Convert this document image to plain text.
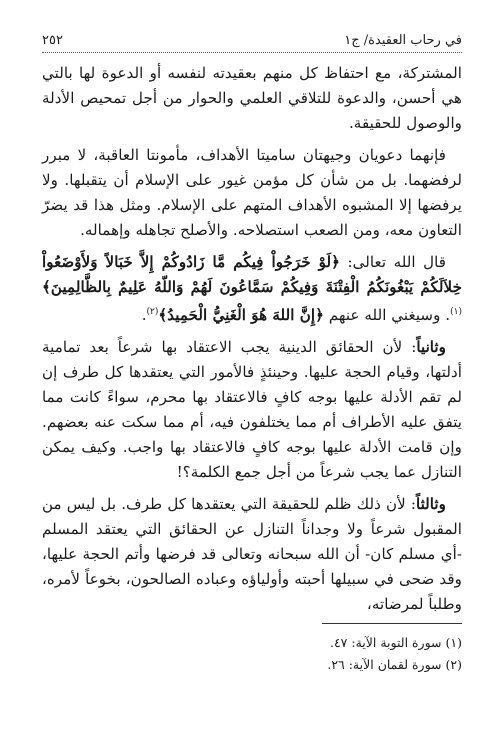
في رحاب العقيدة/ ج١
٢٥٢

المشتركة، مع احتفاظ كل منهم بعقيدته لنفسه أو الدعوة لها بالتي هي أحسن، والدعوة للتلاقي العلمي والحوار من أجل تمحيص الأدلة والوصول للحقيقة.

فإنهما دعويان وجيهتان ساميتا الأهداف، مأمونتا العاقبة، لا مبرر لرفضهما. بل من شأن كل مؤمن غيور على الإسلام أن يتقبلها. ولا يرفضها إلا المشبوه الأهداف المتهم على الإسلام. ومثل هذا قد يضرّ التعاون معه، ومن الصعب استصلاحه. والأصلح تجاهله وإهماله.

قال الله تعالى: ﴿لَوْ خَرَجُواْ فِيكُم مَّا زَادُوكُمْ إِلاَّ خَبَالاً وَلأَوْضَعُواْ خِلاَلَكُمْ يَبْغُونَكُمُ الْفِتْنَةَ وَفِيكُمْ سَمَّاعُونَ لَهُمْ وَاللّهُ عَلِيمٌ بِالظَّالِمِينَ﴾$^{(١)}$. وسيغني الله عنهم ﴿إِنَّ اللهَ هُوَ الْغَنِيُّ الْحَمِيدُ﴾$^{(٢)}$.

وثانياً: لأن الحقائق الدينية يجب الاعتقاد بها شرعاً بعد تمامية أدلتها، وقيام الحجة عليها. وحينئذٍ فالأمور التي يعتقدها كل طرف إن لم تقم الأدلة عليها بوجه كافٍ فالاعتقاد بها محرم، سواءً كانت مما يتفق عليه الأطراف أم مما يختلفون فيه، أم مما سكت عنه بعضهم. وإن قامت الأدلة عليها بوجه كافٍ فالاعتقاد بها واجب. وكيف يمكن التنازل عما يجب شرعاً من أجل جمع الكلمة؟!

وثالثاً: لأن ذلك ظلم للحقيقة التي يعتقدها كل طرف. بل ليس من المقبول شرعاً ولا وجداناً التنازل عن الحقائق التي يعتقد المسلم -أي مسلم كان- أن الله سبحانه وتعالى قد فرضها وأتم الحجة عليها، وقد ضحى في سبيلها أحبته وأولياؤه وعباده الصالحون، بخوعاً لأمره، وطلباً لمرضاته،

(١) سورة التوبة الآية: ٤٧.

(٢) سورة لقمان الآية: ٢٦.
